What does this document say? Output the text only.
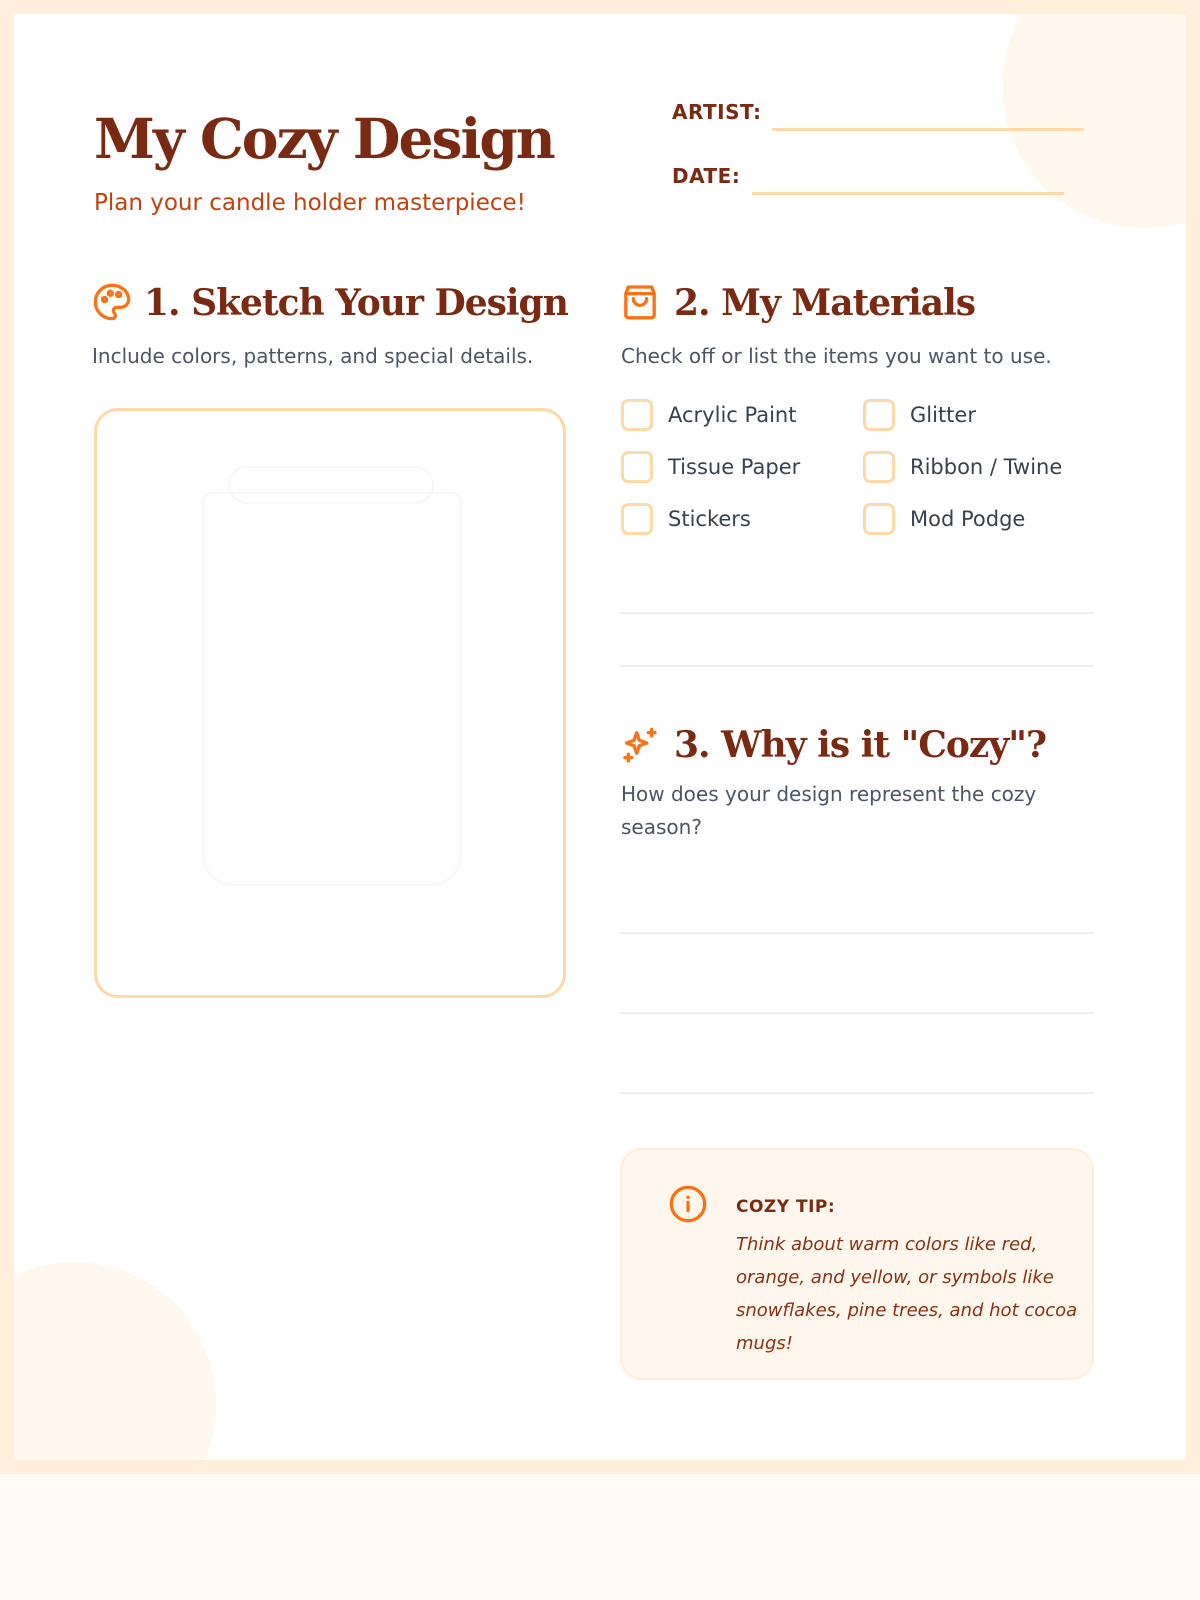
My Cozy Design
Plan your candle holder masterpiece!
ARTIST:
DATE:
1. Sketch Your Design
Include colors, patterns, and special details.
2. My Materials
Check off or list the items you want to use.
Acrylic Paint	Glitter
Tissue Paper	Ribbon / Twine
Stickers	Mod Podge
3. Why is it "Cozy"?
How does your design represent the cozy season?
COZY TIP:
Think about warm colors like red, orange, and yellow, or symbols like snowflakes, pine trees, and hot cocoa mugs!
